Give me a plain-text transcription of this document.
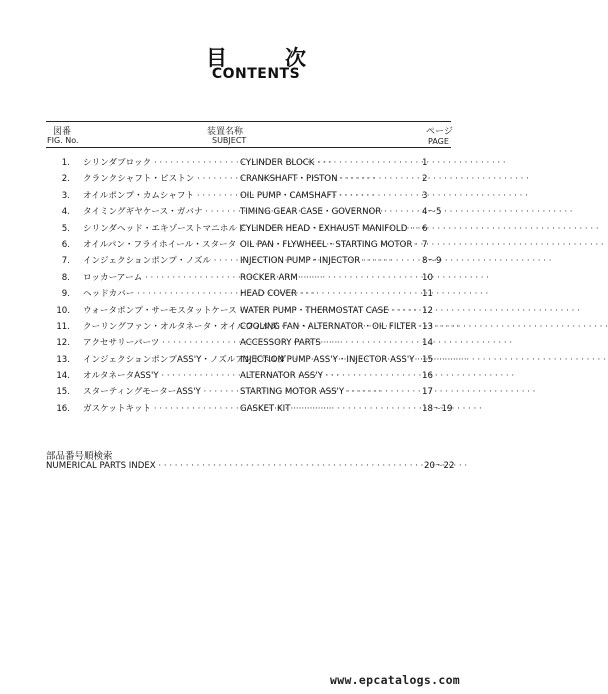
目次
CONTENTS
図番
FIG. No.
装置名称
SUBJECT
ページ
PAGE
1. シリンダブロック · · ·	CYLINDER BLOCK · · ·	1
2. クランクシャフト・ピストン · · ·	CRANKSHAFT・PISTON · · ·	2
3. オイルポンプ・カムシャフト · · ·	OIL PUMP・CAMSHAFT · · ·	3
4. タイミングギヤケース・ガバナ · · ·	TIMING GEAR CASE・GOVERNOR · · ·	4～5
5. シリンダヘッド・エキゾーストマニホルド · · ·
CYLINDER HEAD・EXHAUST MANIFOLD · · ·	6
6. オイルパン・フライホイール・スタータ · · · OIL PAN・FLYWHEEL・STARTING MOTOR · · ·	7
7. インジェクションポンプ・ノズル · · ·	INJECTION PUMP・INJECTOR · · ·	8～9
8. ロッカーアーム · · ·	ROCKER ARM · · ·	10
9. ヘッドカバー · · ·	HEAD COVER · · ·	11
10. ウォータポンプ・サーモスタットケース · · · WATER PUMP・THERMOSTAT CASE · · ·	12
11. クーリングファン・オルタネータ・オイルフィルタ · · ·
COOLING FAN・ALTERNATOR・OIL FILTER · · · 13
12. アクセサリーパーツ · · ·	ACCESSORY PARTS · · ·	14
13. インジェクションポンプASS'Y・ノズルアンドホルダ · · ·
INJECTION PUMP ASS'Y・INJECTOR ASS'Y · · · 15
14. オルタネータASS'Y · · ·	ALTERNATOR ASS'Y · · ·	16
15. スターティングモーターASS'Y · · ·	STARTING MOTOR ASS'Y · · ·	17
16. ガスケットキット · · ·	GASKET KIT · · ·	18～19
部品番号順検索
NUMERICAL PARTS INDEX · · ·	20～22
www.epcatalogs.com
